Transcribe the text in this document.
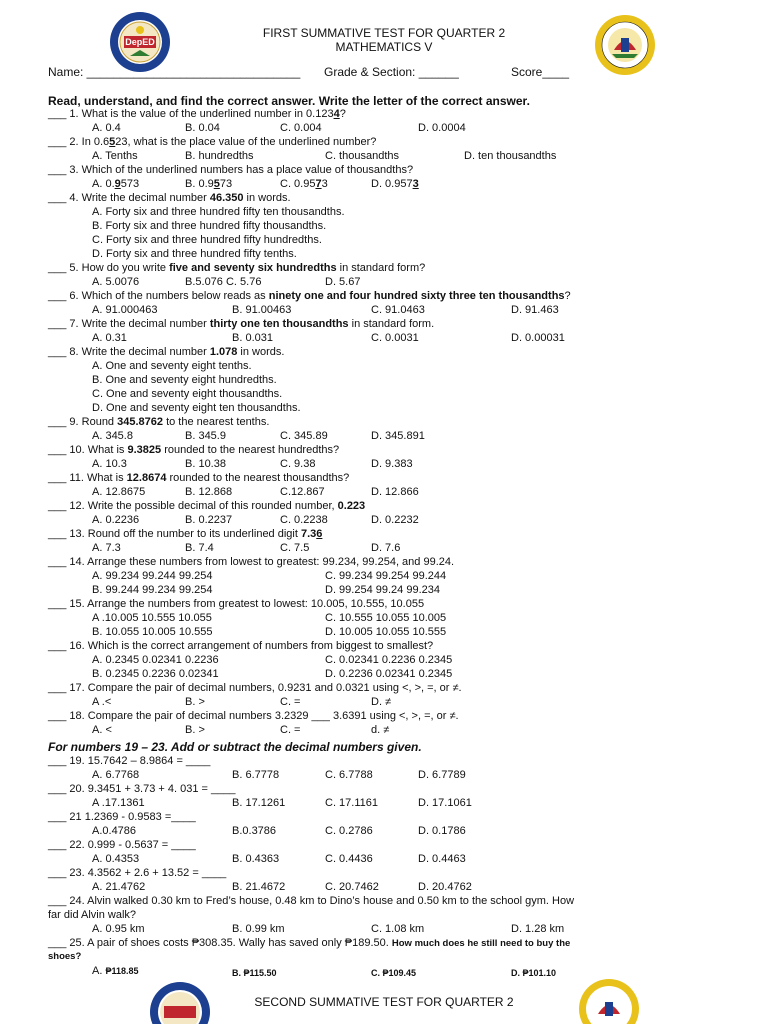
DepED
FIRST SUMMATIVE TEST FOR QUARTER 2
MATHEMATICS V
Name: ________________________________ Grade & Section: ______	Score____
Read, understand, and find the correct answer. Write the letter of the correct answer.
___ 1. What is the value of the underlined number in 0.1234?
A. 0.4	B. 0.04	C. 0.004	D. 0.0004
___ 2. In 0.6523, what is the place value of the underlined number?
A. Tenths	B. hundredths	C. thousandths	D. ten thousandths
___ 3. Which of the underlined numbers has a place value of thousandths?
A. 0.9573	B. 0.9573	C. 0.9573	D. 0.9573
___ 4. Write the decimal number 46.350 in words.
A. Forty six and three hundred fifty ten thousandths.
B. Forty six and three hundred fifty thousandths.
C. Forty six and three hundred fifty hundredths.
D. Forty six and three hundred fifty tenths.
___ 5. How do you write five and seventy six hundredths in standard form?
A. 5.0076	B.5.076 C. 5.76	D. 5.67
___ 6. Which of the numbers below reads as ninety one and four hundred sixty three ten thousandths?
A. 91.000463	B. 91.00463	C. 91.0463	D. 91.463
___ 7. Write the decimal number thirty one ten thousandths in standard form.
A. 0.31	B. 0.031	C. 0.0031	D. 0.00031
___ 8. Write the decimal number 1.078 in words.
A. One and seventy eight tenths.
B. One and seventy eight hundredths.
C. One and seventy eight thousandths.
D. One and seventy eight ten thousandths.
___ 9. Round 345.8762 to the nearest tenths.
A. 345.8	B. 345.9	C. 345.89	D. 345.891
___ 10. What is 9.3825 rounded to the nearest hundredths?
A. 10.3	B. 10.38	C. 9.38	D. 9.383
___ 11. What is 12.8674 rounded to the nearest thousandths?
A. 12.8675	B. 12.868	C.12.867	D. 12.866
___ 12. Write the possible decimal of this rounded number, 0.223
A. 0.2236	B. 0.2237	C. 0.2238	D. 0.2232
___ 13. Round off the number to its underlined digit 7.36
A. 7.3	B. 7.4	C. 7.5	D. 7.6
___ 14. Arrange these numbers from lowest to greatest: 99.234, 99.254, and 99.24.
A. 99.234 99.244 99.254	C. 99.234 99.254 99.244
B. 99.244 99.234 99.254	D. 99.254 99.24 99.234
___ 15. Arrange the numbers from greatest to lowest: 10.005, 10.555, 10.055
A .10.005 10.555 10.055	C. 10.555 10.055 10.005
B. 10.055 10.005 10.555	D. 10.005 10.055 10.555
___ 16. Which is the correct arrangement of numbers from biggest to smallest?
A. 0.2345 0.02341 0.2236	C. 0.02341 0.2236 0.2345
B. 0.2345 0.2236 0.02341	D. 0.2236 0.02341 0.2345
___ 17. Compare the pair of decimal numbers, 0.9231 and 0.0321 using <, >, =, or ≠.
A .<	B. >	C. =	D. ≠
___ 18. Compare the pair of decimal numbers 3.2329 ___ 3.6391 using <, >, =, or ≠.
A. <	B. >	C. =	d. ≠
For numbers 19 – 23. Add or subtract the decimal numbers given.
___ 19. 15.7642 – 8.9864 = ____
A. 6.7768	B. 6.7778	C. 6.7788	D. 6.7789
___ 20. 9.3451 + 3.73 + 4. 031 = ____
A .17.1361	B. 17.1261	C. 17.1161	D. 17.1061
___ 21 1.2369 - 0.9583 =____
A.0.4786	B.0.3786	C. 0.2786	D. 0.1786
___ 22. 0.999 - 0.5637 = ____
A. 0.4353	B. 0.4363	C. 0.4436	D. 0.4463
___ 23. 4.3562 + 2.6 + 13.52 = ____
A. 21.4762	B. 21.4672	C. 20.7462	D. 20.4762
___ 24. Alvin walked 0.30 km to Fred’s house, 0.48 km to Dino’s house and 0.50 km to the school gym. How
far did Alvin walk?
A. 0.95 km	B. 0.99 km	C. 1.08 km	D. 1.28 km
___ 25. A pair of shoes costs ₱308.35. Wally has saved only ₱189.50. How much does he still need to buy the
shoes?
A. ₱118.85	B. ₱115.50	C. ₱109.45	D. ₱101.10
SECOND SUMMATIVE TEST FOR QUARTER 2
